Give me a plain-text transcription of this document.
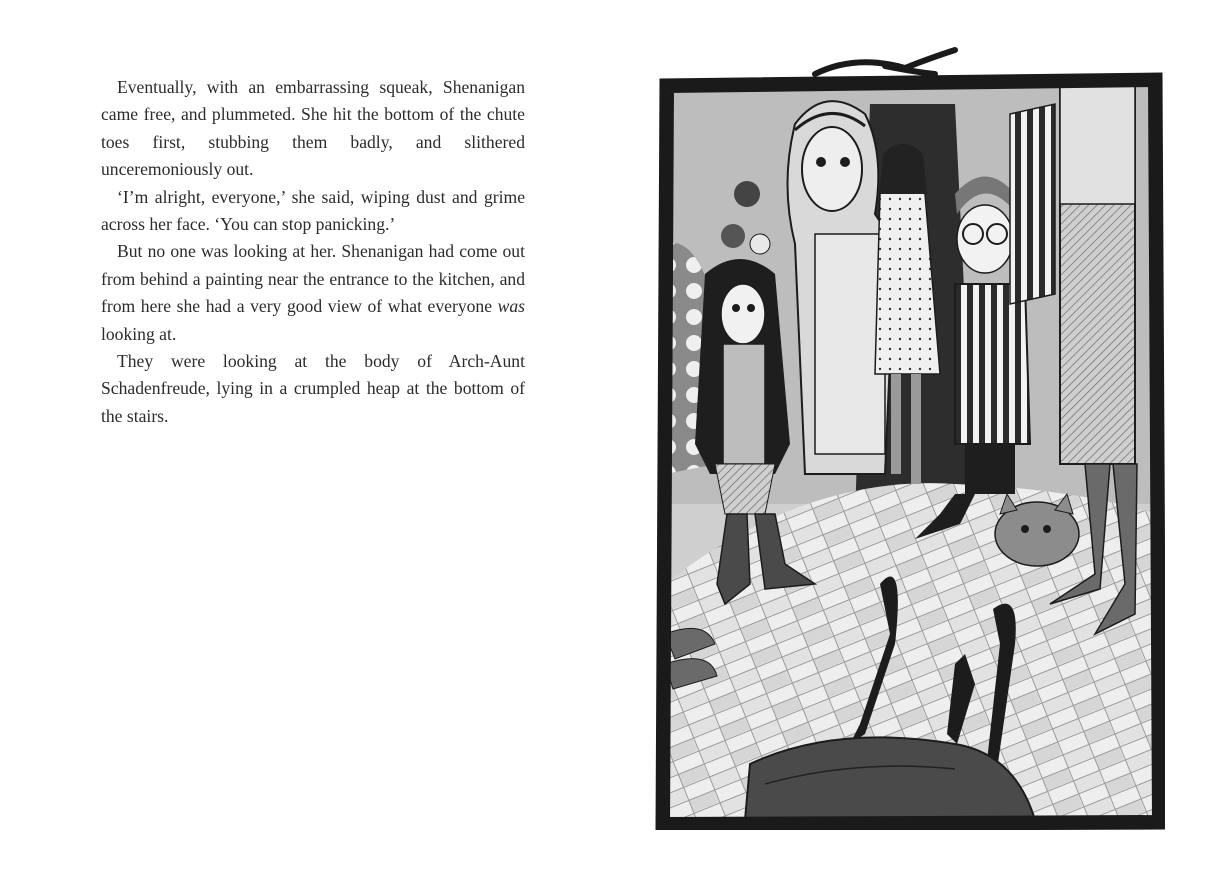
Eventually, with an embarrassing squeak, Shenanigan came free, and plummeted. She hit the bottom of the chute toes first, stubbing them badly, and slithered unceremoniously out.

‘I’m alright, everyone,’ she said, wiping dust and grime across her face. ‘You can stop panicking.’

But no one was looking at her. Shenanigan had come out from behind a painting near the entrance to the kitchen, and from here she had a very good view of what everyone was looking at.

They were looking at the body of Arch-Aunt Schadenfreude, lying in a crumpled heap at the bottom of the stairs.
